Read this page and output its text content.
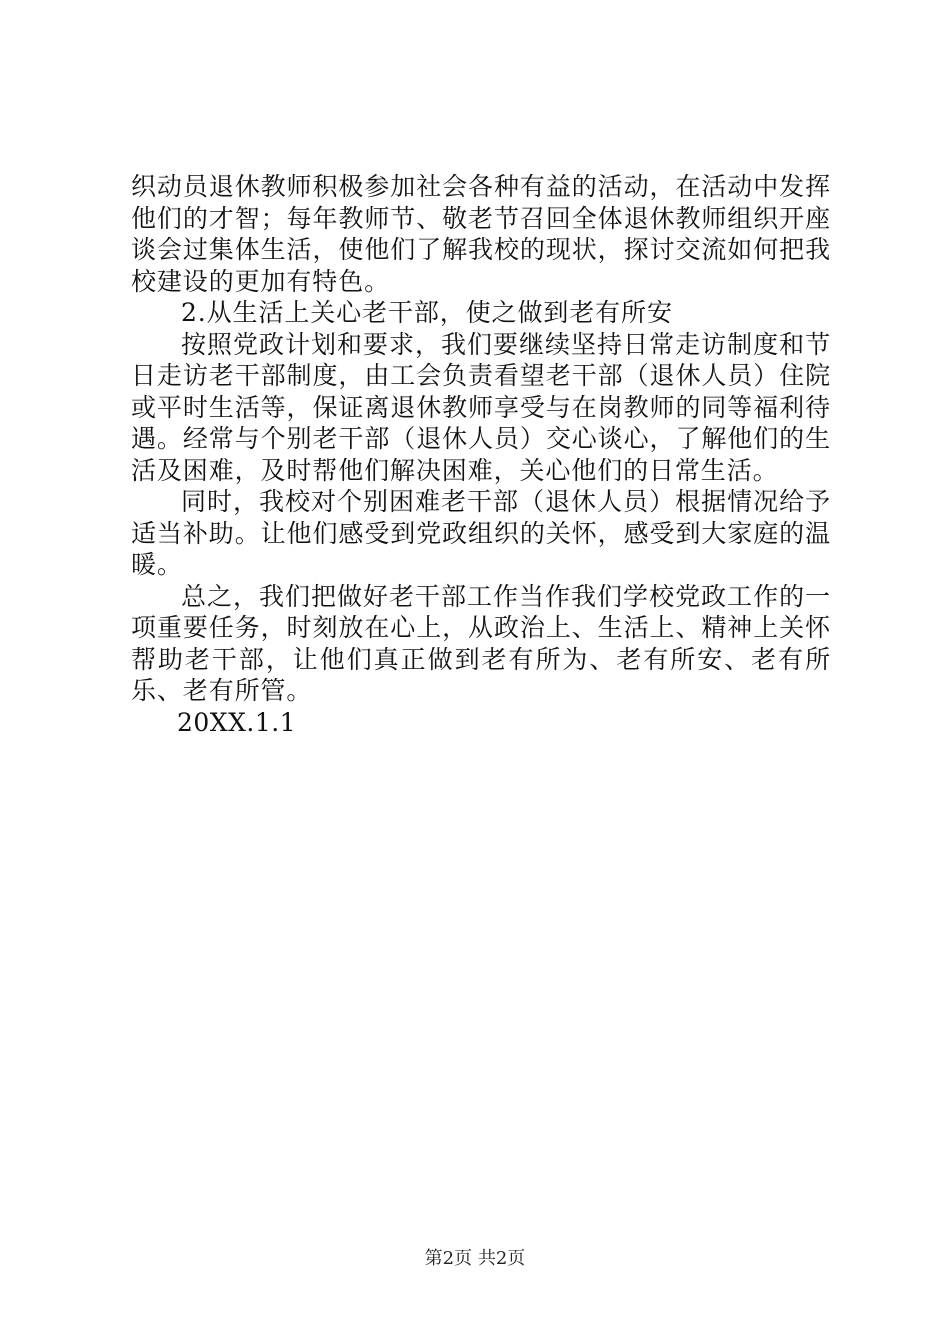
织动员退休教师积极参加社会各种有益的活动，在活动中发挥他们的才智；每年教师节、敬老节召回全体退休教师组织开座谈会过集体生活，使他们了解我校的现状，探讨交流如何把我校建设的更加有特色。

2.从生活上关心老干部，使之做到老有所安

按照党政计划和要求，我们要继续坚持日常走访制度和节日走访老干部制度，由工会负责看望老干部（退休人员）住院或平时生活等，保证离退休教师享受与在岗教师的同等福利待遇。经常与个别老干部（退休人员）交心谈心，了解他们的生活及困难，及时帮他们解决困难，关心他们的日常生活。

同时，我校对个别困难老干部（退休人员）根据情况给予适当补助。让他们感受到党政组织的关怀，感受到大家庭的温暖。

总之，我们把做好老干部工作当作我们学校党政工作的一项重要任务，时刻放在心上，从政治上、生活上、精神上关怀帮助老干部，让他们真正做到老有所为、老有所安、老有所乐、老有所管。

20XX.1.1

第2页 共2页
